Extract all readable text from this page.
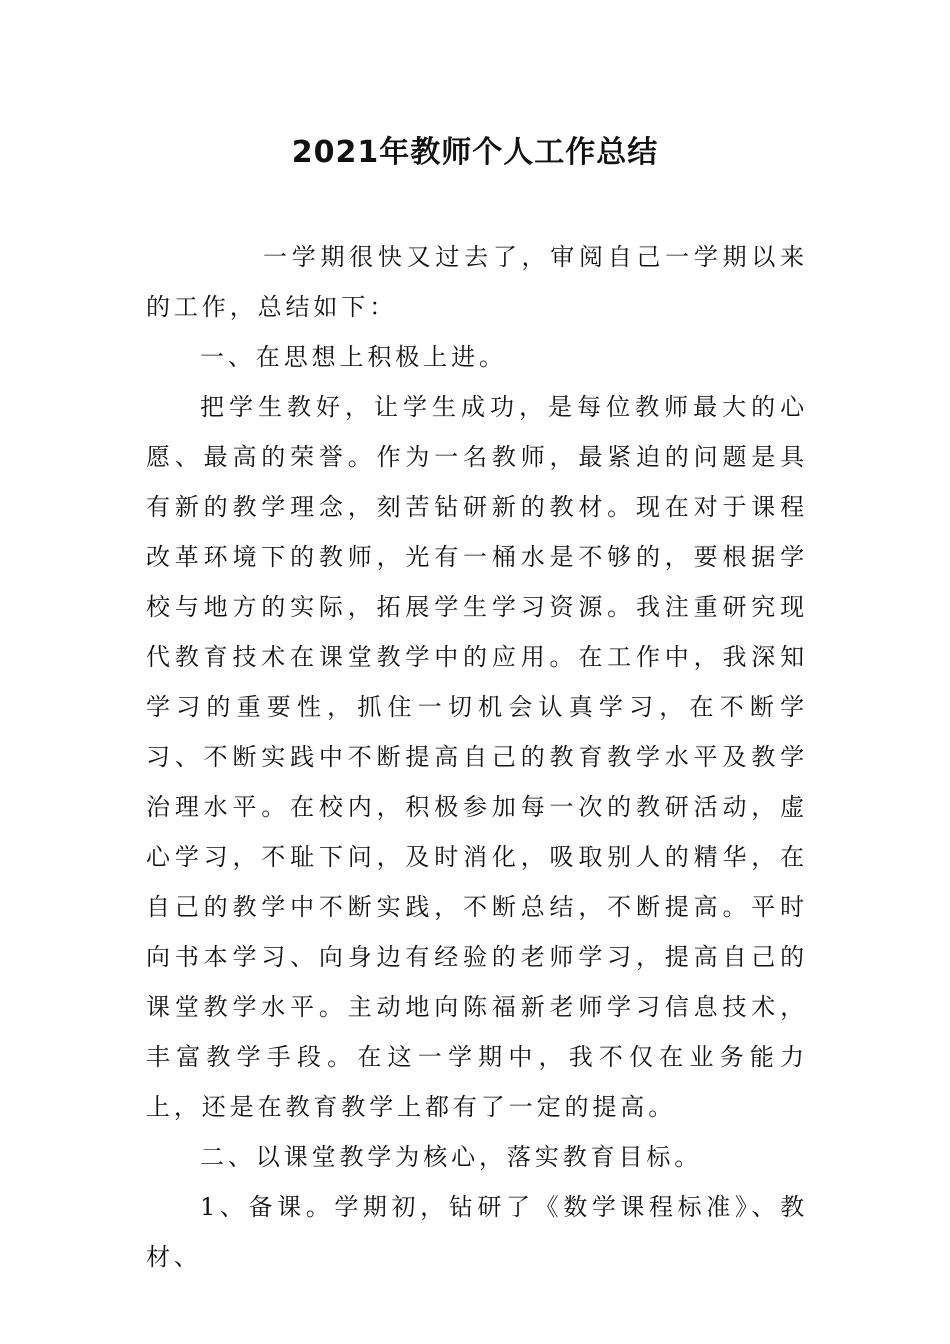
2021年教师个人工作总结

一学期很快又过去了，审阅自己一学期以来的工作，总结如下：

一、在思想上积极上进。

把学生教好，让学生成功，是每位教师最大的心愿、最高的荣誉。作为一名教师，最紧迫的问题是具有新的教学理念，刻苦钻研新的教材。现在对于课程改革环境下的教师，光有一桶水是不够的，要根据学校与地方的实际，拓展学生学习资源。我注重研究现代教育技术在课堂教学中的应用。在工作中，我深知学习的重要性，抓住一切机会认真学习，在不断学习、不断实践中不断提高自己的教育教学水平及教学治理水平。在校内，积极参加每一次的教研活动，虚心学习，不耻下问，及时消化，吸取别人的精华，在自己的教学中不断实践，不断总结，不断提高。平时向书本学习、向身边有经验的老师学习，提高自己的课堂教学水平。主动地向陈福新老师学习信息技术，丰富教学手段。在这一学期中，我不仅在业务能力上，还是在教育教学上都有了一定的提高。

二、以课堂教学为核心，落实教育目标。

1、备课。学期初，钻研了《数学课程标准》、教材、
